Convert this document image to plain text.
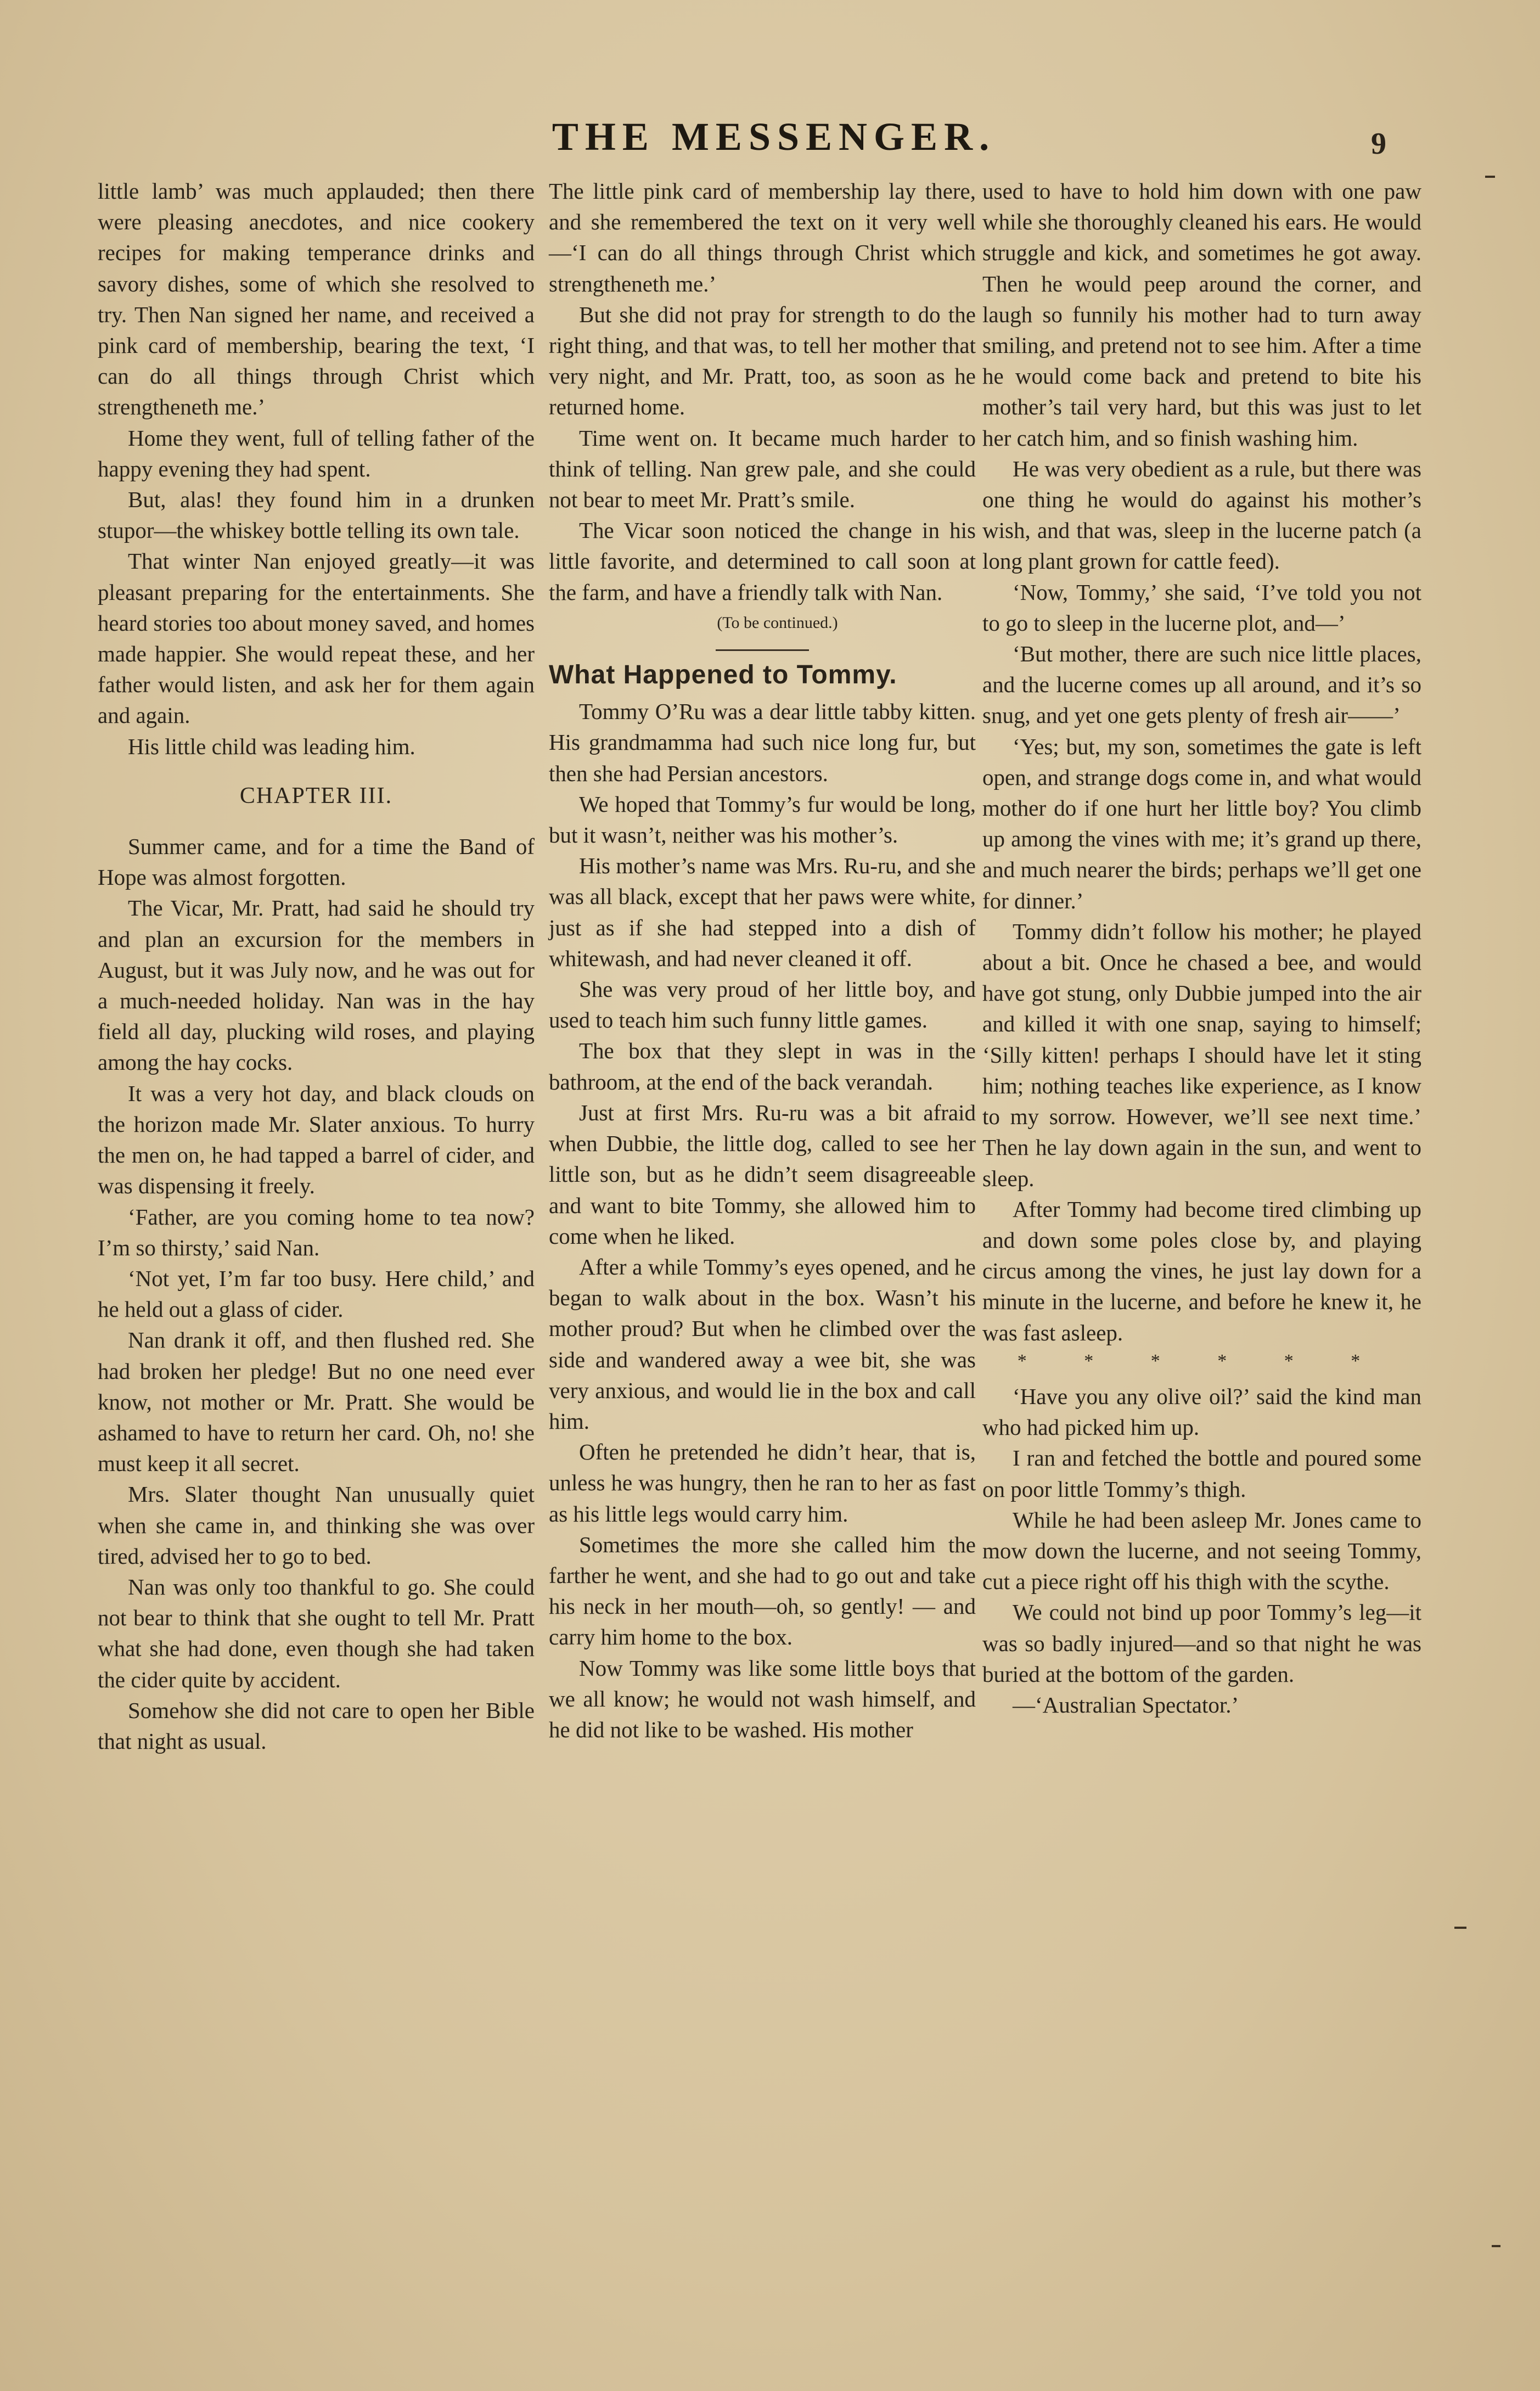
THE MESSENGER.	9

little lamb’ was much applauded; then there were pleasing anecdotes, and nice cookery recipes for making temperance drinks and savory dishes, some of which she resolved to try. Then Nan signed her name, and received a pink card of membership, bearing the text, ‘I can do all things through Christ which strengtheneth me.’

Home they went, full of telling father of the happy evening they had spent.

But, alas! they found him in a drunken stupor—the whiskey bottle telling its own tale.

That winter Nan enjoyed greatly—it was pleasant preparing for the entertainments. She heard stories too about money saved, and homes made happier. She would repeat these, and her father would listen, and ask her for them again and again.

His little child was leading him.

CHAPTER III.

Summer came, and for a time the Band of Hope was almost forgotten.

The Vicar, Mr. Pratt, had said he should try and plan an excursion for the members in August, but it was July now, and he was out for a much-needed holiday. Nan was in the hay field all day, plucking wild roses, and playing among the hay cocks.

It was a very hot day, and black clouds on the horizon made Mr. Slater anxious. To hurry the men on, he had tapped a barrel of cider, and was dispensing it freely.

‘Father, are you coming home to tea now? I’m so thirsty,’ said Nan.

‘Not yet, I’m far too busy. Here child,’ and he held out a glass of cider.

Nan drank it off, and then flushed red. She had broken her pledge! But no one need ever know, not mother or Mr. Pratt. She would be ashamed to have to return her card. Oh, no! she must keep it all secret.

Mrs. Slater thought Nan unusually quiet when she came in, and thinking she was over tired, advised her to go to bed.

Nan was only too thankful to go. She could not bear to think that she ought to tell Mr. Pratt what she had done, even though she had taken the cider quite by accident.

Somehow she did not care to open her Bible that night as usual.

The little pink card of membership lay there, and she remembered the text on it very well—‘I can do all things through Christ which strengtheneth me.’

But she did not pray for strength to do the right thing, and that was, to tell her mother that very night, and Mr. Pratt, too, as soon as he returned home.

Time went on. It became much harder to think of telling. Nan grew pale, and she could not bear to meet Mr. Pratt’s smile.

The Vicar soon noticed the change in his little favorite, and determined to call soon at the farm, and have a friendly talk with Nan.

(To be continued.)

What Happened to Tommy.

Tommy O’Ru was a dear little tabby kitten. His grandmamma had such nice long fur, but then she had Persian ancestors.

We hoped that Tommy’s fur would be long, but it wasn’t, neither was his mother’s.

His mother’s name was Mrs. Ru-ru, and she was all black, except that her paws were white, just as if she had stepped into a dish of whitewash, and had never cleaned it off.

She was very proud of her little boy, and used to teach him such funny little games.

The box that they slept in was in the bathroom, at the end of the back verandah.

Just at first Mrs. Ru-ru was a bit afraid when Dubbie, the little dog, called to see her little son, but as he didn’t seem disagreeable and want to bite Tommy, she allowed him to come when he liked.

After a while Tommy’s eyes opened, and he began to walk about in the box. Wasn’t his mother proud? But when he climbed over the side and wandered away a wee bit, she was very anxious, and would lie in the box and call him.

Often he pretended he didn’t hear, that is, unless he was hungry, then he ran to her as fast as his little legs would carry him.

Sometimes the more she called him the farther he went, and she had to go out and take his neck in her mouth—oh, so gently! — and carry him home to the box.

Now Tommy was like some little boys that we all know; he would not wash himself, and he did not like to be washed. His mother

used to have to hold him down with one paw while she thoroughly cleaned his ears. He would struggle and kick, and sometimes he got away. Then he would peep around the corner, and laugh so funnily his mother had to turn away smiling, and pretend not to see him. After a time he would come back and pretend to bite his mother’s tail very hard, but this was just to let her catch him, and so finish washing him.

He was very obedient as a rule, but there was one thing he would do against his mother’s wish, and that was, sleep in the lucerne patch (a long plant grown for cattle feed).

‘Now, Tommy,’ she said, ‘I’ve told you not to go to sleep in the lucerne plot, and—’

‘But mother, there are such nice little places, and the lucerne comes up all around, and it’s so snug, and yet one gets plenty of fresh air——’

‘Yes; but, my son, sometimes the gate is left open, and strange dogs come in, and what would mother do if one hurt her little boy? You climb up among the vines with me; it’s grand up there, and much nearer the birds; perhaps we’ll get one for dinner.’

Tommy didn’t follow his mother; he played about a bit. Once he chased a bee, and would have got stung, only Dubbie jumped into the air and killed it with one snap, saying to himself; ‘Silly kitten! perhaps I should have let it sting him; nothing teaches like experience, as I know to my sorrow. However, we’ll see next time.’ Then he lay down again in the sun, and went to sleep.

After Tommy had become tired climbing up and down some poles close by, and playing circus among the vines, he just lay down for a minute in the lucerne, and before he knew it, he was fast asleep.

* * * * * *

‘Have you any olive oil?’ said the kind man who had picked him up.

I ran and fetched the bottle and poured some on poor little Tommy’s thigh.

While he had been asleep Mr. Jones came to mow down the lucerne, and not seeing Tommy, cut a piece right off his thigh with the scythe.

We could not bind up poor Tommy’s leg—it was so badly injured—and so that night he was buried at the bottom of the garden.

—‘Australian Spectator.’
